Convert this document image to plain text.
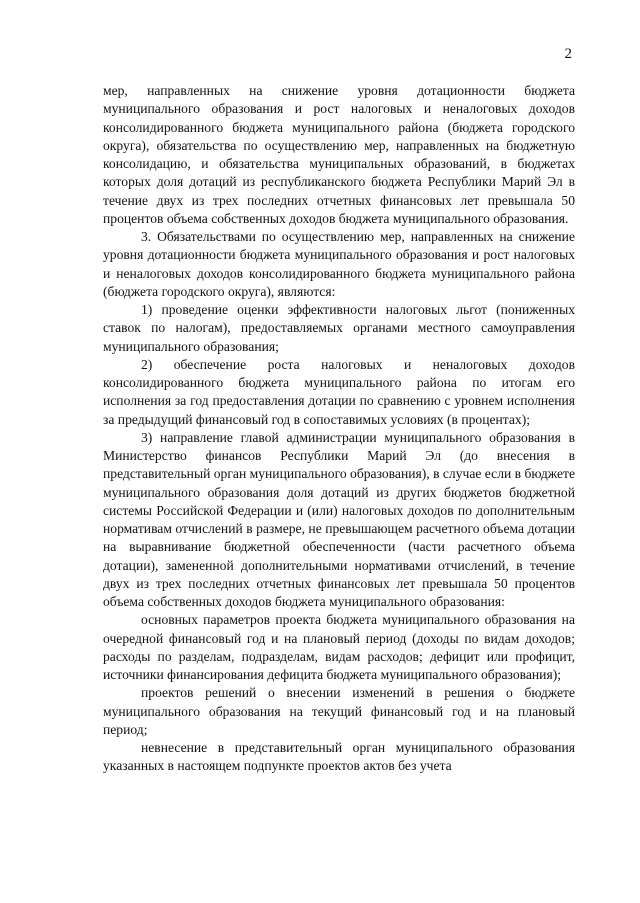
2

мер, направленных на снижение уровня дотационности бюджета муниципального образования и рост налоговых и неналоговых доходов консолидированного бюджета муниципального района (бюджета городского округа), обязательства по осуществлению мер, направленных на бюджетную консолидацию, и обязательства муниципальных образований, в бюджетах которых доля дотаций из республиканского бюджета Республики Марий Эл в течение двух из трех последних отчетных финансовых лет превышала 50 процентов объема собственных доходов бюджета муниципального образования.

3. Обязательствами по осуществлению мер, направленных на снижение уровня дотационности бюджета муниципального образования и рост налоговых и неналоговых доходов консолидированного бюджета муниципального района (бюджета городского округа), являются:

1) проведение оценки эффективности налоговых льгот (пониженных ставок по налогам), предоставляемых органами местного самоуправления муниципального образования;

2) обеспечение роста налоговых и неналоговых доходов консолидированного бюджета муниципального района по итогам его исполнения за год предоставления дотации по сравнению с уровнем исполнения за предыдущий финансовый год в сопоставимых условиях (в процентах);

3) направление главой администрации муниципального образования в Министерство финансов Республики Марий Эл (до внесения в представительный орган муниципального образования), в случае если в бюджете муниципального образования доля дотаций из других бюджетов бюджетной системы Российской Федерации и (или) налоговых доходов по дополнительным нормативам отчислений в размере, не превышающем расчетного объема дотации на выравнивание бюджетной обеспеченности (части расчетного объема дотации), замененной дополнительными нормативами отчислений, в течение двух из трех последних отчетных финансовых лет превышала 50 процентов объема собственных доходов бюджета муниципального образования:

основных параметров проекта бюджета муниципального образования на очередной финансовый год и на плановый период (доходы по видам доходов; расходы по разделам, подразделам, видам расходов; дефицит или профицит, источники финансирования дефицита бюджета муниципального образования);

проектов решений о внесении изменений в решения о бюджете муниципального образования на текущий финансовый год и на плановый период;

невнесение в представительный орган муниципального образования указанных в настоящем подпункте проектов актов без учета
